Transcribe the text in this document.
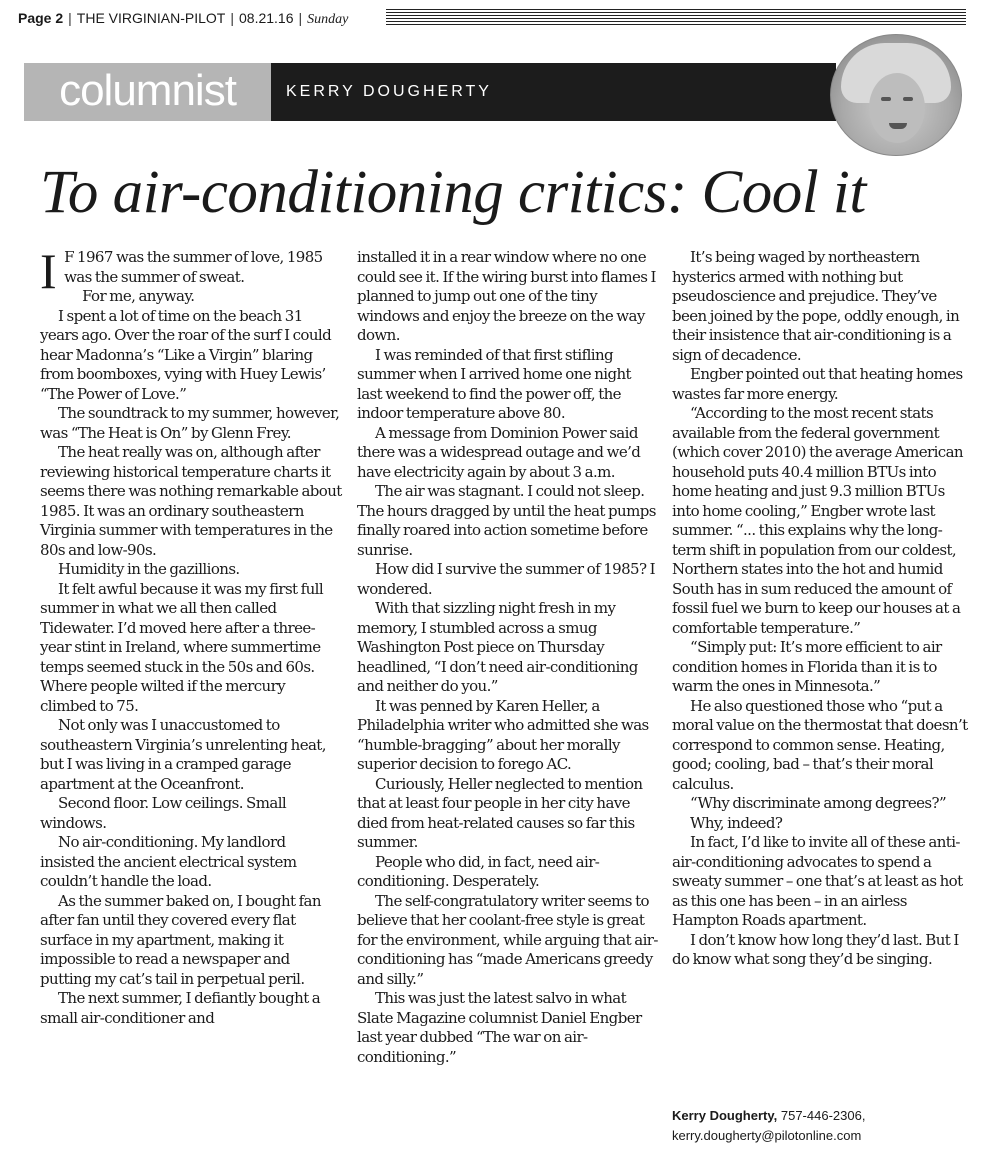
Page 2 | THE VIRGINIAN-PILOT | 08.21.16 | Sunday
columnist	KERRY DOUGHERTY
To air-conditioning critics: Cool it

I F 1967 was the summer of love, 1985 was the summer of sweat.

For me, anyway.

I spent a lot of time on the beach 31 years ago. Over the roar of the surf I could hear Madonna’s “Like a Virgin” blaring from boomboxes, vying with Huey Lewis’ “The Power of Love.”

The soundtrack to my summer, however, was “The Heat is On” by Glenn Frey.

The heat really was on, although after reviewing historical temperature charts it seems there was nothing remarkable about 1985. It was an ordinary southeastern Virginia summer with temperatures in the 80s and low-90s.

Humidity in the gazillions.

It felt awful because it was my first full summer in what we all then called Tidewater. I’d moved here after a three-year stint in Ireland, where summertime temps seemed stuck in the 50s and 60s. Where people wilted if the mercury climbed to 75.

Not only was I unaccustomed to southeastern Virginia’s unrelenting heat, but I was living in a cramped garage apartment at the Oceanfront.

Second floor. Low ceilings. Small windows.

No air-conditioning. My landlord insisted the ancient electrical system couldn’t handle the load.

As the summer baked on, I bought fan after fan until they covered every flat surface in my apartment, making it impossible to read a newspaper and putting my cat’s tail in perpetual peril.

The next summer, I defiantly bought a small air-conditioner and

installed it in a rear window where no one could see it. If the wiring burst into flames I planned to jump out one of the tiny windows and enjoy the breeze on the way down.

I was reminded of that first stifling summer when I arrived home one night last weekend to find the power off, the indoor temperature above 80.

A message from Dominion Power said there was a widespread outage and we’d have electricity again by about 3 a.m.

The air was stagnant. I could not sleep. The hours dragged by until the heat pumps finally roared into action sometime before sunrise.

How did I survive the summer of 1985? I wondered.

With that sizzling night fresh in my memory, I stumbled across a smug Washington Post piece on Thursday headlined, “I don’t need air-conditioning and neither do you.”

It was penned by Karen Heller, a Philadelphia writer who admitted she was “humble-bragging” about her morally superior decision to forego AC.

Curiously, Heller neglected to mention that at least four people in her city have died from heat-related causes so far this summer.

People who did, in fact, need air-conditioning. Desperately.

The self-congratulatory writer seems to believe that her coolant-free style is great for the environment, while arguing that air-conditioning has “made Americans greedy and silly.”

This was just the latest salvo in what Slate Magazine columnist Daniel Engber last year dubbed “The war on air-conditioning.”

It’s being waged by northeastern hysterics armed with nothing but pseudoscience and prejudice. They’ve been joined by the pope, oddly enough, in their insistence that air-conditioning is a sign of decadence.

Engber pointed out that heating homes wastes far more energy.

“According to the most recent stats available from the federal government (which cover 2010) the average American household puts 40.4 million BTUs into home heating and just 9.3 million BTUs into home cooling,” Engber wrote last summer. “... this explains why the long-term shift in population from our coldest, Northern states into the hot and humid South has in sum reduced the amount of fossil fuel we burn to keep our houses at a comfortable temperature.”

“Simply put: It’s more efficient to air condition homes in Florida than it is to warm the ones in Minnesota.”

He also questioned those who “put a moral value on the thermostat that doesn’t correspond to common sense. Heating, good; cooling, bad – that’s their moral calculus.

“Why discriminate among degrees?”

Why, indeed?

In fact, I’d like to invite all of these anti-air-conditioning advocates to spend a sweaty summer – one that’s at least as hot as this one has been – in an airless Hampton Roads apartment.

I don’t know how long they’d last. But I do know what song they’d be singing.

Kerry Dougherty, 757-446-2306,
kerry.dougherty@pilotonline.com
